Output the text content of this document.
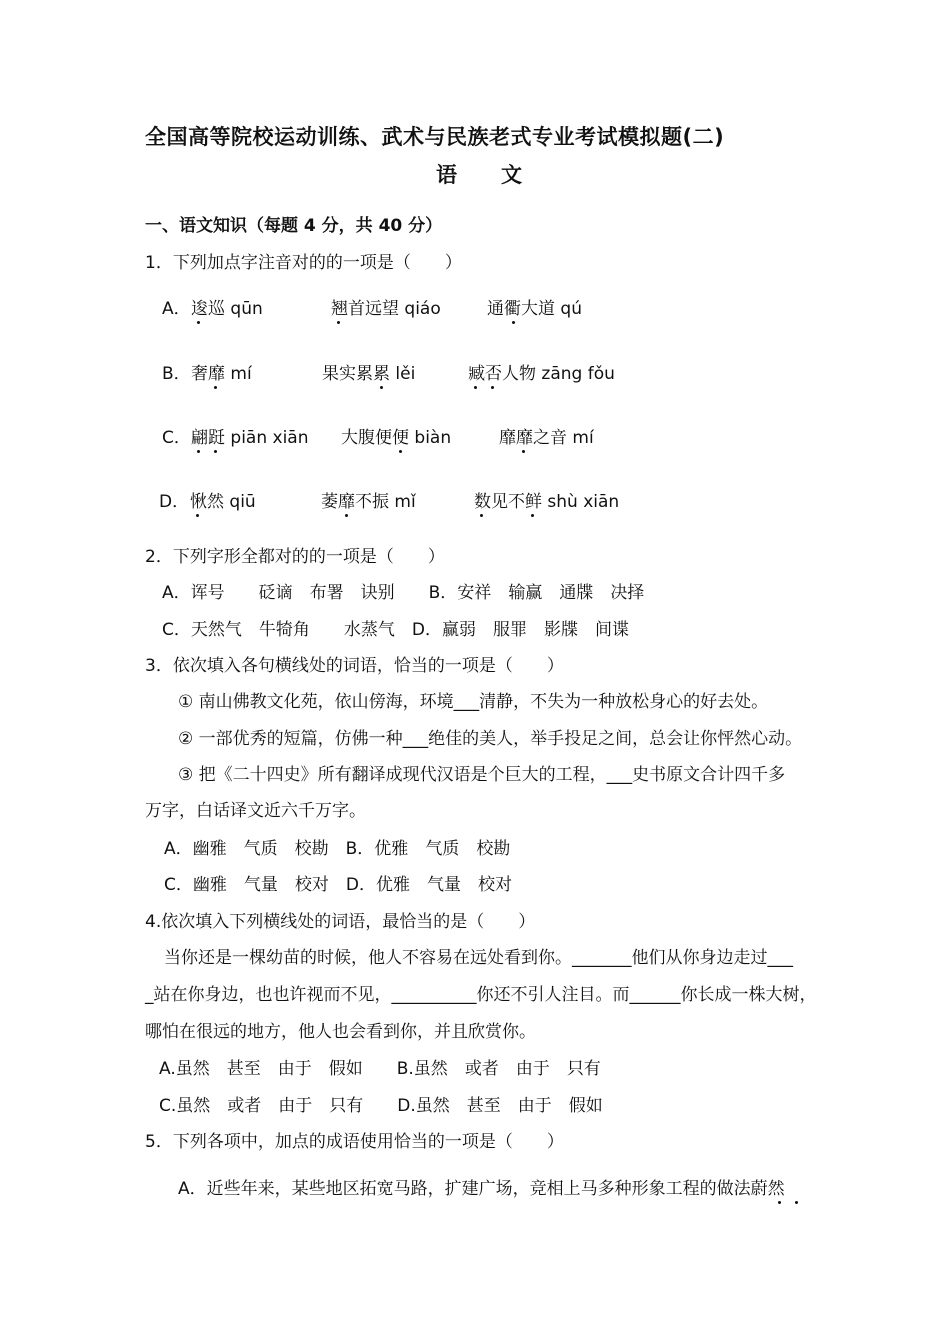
全国高等院校运动训练、武术与民族老式专业考试模拟题(二)
语 文
一、语文知识（每题 4 分，共 40 分）
1．下列加点字注音对的的一项是（　　）
A． 逡巡 qūn	翘首远望 qiáo	通衢大道 qú
B． 奢靡 mí	果实累累 lěi	臧否人物 zāng fǒu
C． 翩跹 piān xiān 大腹便便 biàn	靡靡之音 mí
D． 愀然 qiū	萎靡不振 mǐ	数见不鲜 shù xiān
2．下列字形全都对的的一项是（　　）
A．诨号　　 砭谪　 布署　 诀别　　 B．安祥　 输赢　 通牒　 决择
C．天然气　 牛犄角　　 水蒸气　 D．赢弱　 服罪　 影牒　 间谍
3．依次填入各句横线处的词语，恰当的一项是（　　）
① 南山佛教文化苑，依山傍海，环境___清静，不失为一种放松身心的好去处。
② 一部优秀的短篇，仿佛一种___绝佳的美人，举手投足之间，总会让你怦然心动。
③ 把《二十四史》所有翻译成现代汉语是个巨大的工程，___史书原文合计四千多
万字，白话译文近六千万字。
A．幽雅　 气质　 校勘　 B．优雅　 气质　 校勘
C．幽雅　 气量　 校对　 D．优雅　 气量　 校对
4.依次填入下列横线处的词语，最恰当的是（　　）
当你还是一棵幼苗的时候，他人不容易在远处看到你。_______他们从你身边走过___
_站在你身边，也也许视而不见，__________你还不引人注目。而______你长成一株大树，
哪怕在很远的地方，他人也会看到你，并且欣赏你。
A.虽然　 甚至　 由于　 假如　　 B.虽然　 或者　 由于　 只有
C.虽然　 或者　 由于　 只有　　 D.虽然　 甚至　 由于　 假如
5．下列各项中，加点的成语使用恰当的一项是（　　）
A．近些年来，某些地区拓宽马路，扩建广场，竞相上马多种形象工程的做法蔚然
